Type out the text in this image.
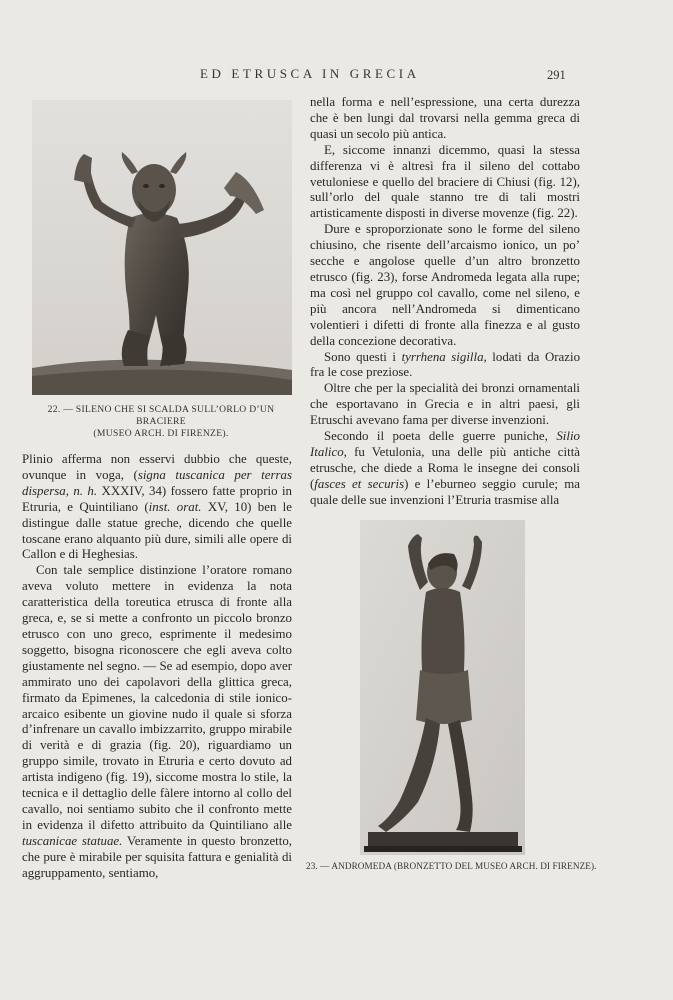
ED ETRUSCA IN GRECIA	291
22. — SILENO CHE SI SCALDA SULL’ORLO D’UN BRACIERE
(MUSEO ARCH. DI FIRENZE).

Plinio afferma non esservi dubbio che queste, ovunque in voga, (signa tuscanica per terras dispersa, n. h. XXXIV, 34) fossero fatte proprio in Etruria, e Quintiliano (inst. orat. XV, 10) ben le distingue dalle statue greche, dicendo che quelle toscane erano alquanto più dure, simili alle opere di Callon e di Heghesias.

Con tale semplice distinzione l’oratore romano aveva voluto mettere in evidenza la nota caratteristica della toreutica etrusca di fronte alla greca, e, se si mette a confronto un piccolo bronzo etrusco con uno greco, esprimente il medesimo soggetto, bisogna riconoscere che egli aveva colto giustamente nel segno. — Se ad esempio, dopo aver ammirato uno dei capolavori della glittica greca, firmato da Epimenes, la calcedonia di stile ionico-arcaico esibente un giovine nudo il quale si sforza d’infrenare un cavallo imbizzarrito, gruppo mirabile di verità e di grazia (fig. 20), riguardiamo un gruppo simile, trovato in Etruria e certo dovuto ad artista indigeno (fig. 19), siccome mostra lo stile, la tecnica e il dettaglio delle fàlere intorno al collo del cavallo, noi sentiamo subito che il confronto mette in evidenza il difetto attribuito da Quintiliano alle tuscanicae statuae. Veramente in questo bronzetto, che pure è mirabile per squisita fattura e genialità di aggruppamento, sentiamo,

nella forma e nell’espressione, una certa durezza che è ben lungi dal trovarsi nella gemma greca di quasi un secolo più antica.

E, siccome innanzi dicemmo, quasi la stessa differenza vi è altresì fra il sileno del cottabo vetuloniese e quello del braciere di Chiusi (fig. 12), sull’orlo del quale stanno tre di tali mostri artisticamente disposti in diverse movenze (fig. 22).

Dure e sproporzionate sono le forme del sileno chiusino, che risente dell’arcaismo ionico, un po’ secche e angolose quelle d’un altro bronzetto etrusco (fig. 23), forse Andromeda legata alla rupe; ma così nel gruppo col cavallo, come nel sileno, e più ancora nell’Andromeda si dimenticano volentieri i difetti di fronte alla finezza e al gusto della concezione decorativa.

Sono questi i tyrrhena sigilla, lodati da Orazio fra le cose preziose.

Oltre che per la specialità dei bronzi ornamentali che esportavano in Grecia e in altri paesi, gli Etruschi avevano fama per diverse invenzioni.

Secondo il poeta delle guerre puniche, Silio Italico, fu Vetulonia, una delle più antiche città etrusche, che diede a Roma le insegne dei consoli (fasces et securis) e l’eburneo seggio curule; ma quale delle sue invenzioni l’Etruria trasmise alla

23. — ANDROMEDA (BRONZETTO DEL MUSEO ARCH. DI FIRENZE).
